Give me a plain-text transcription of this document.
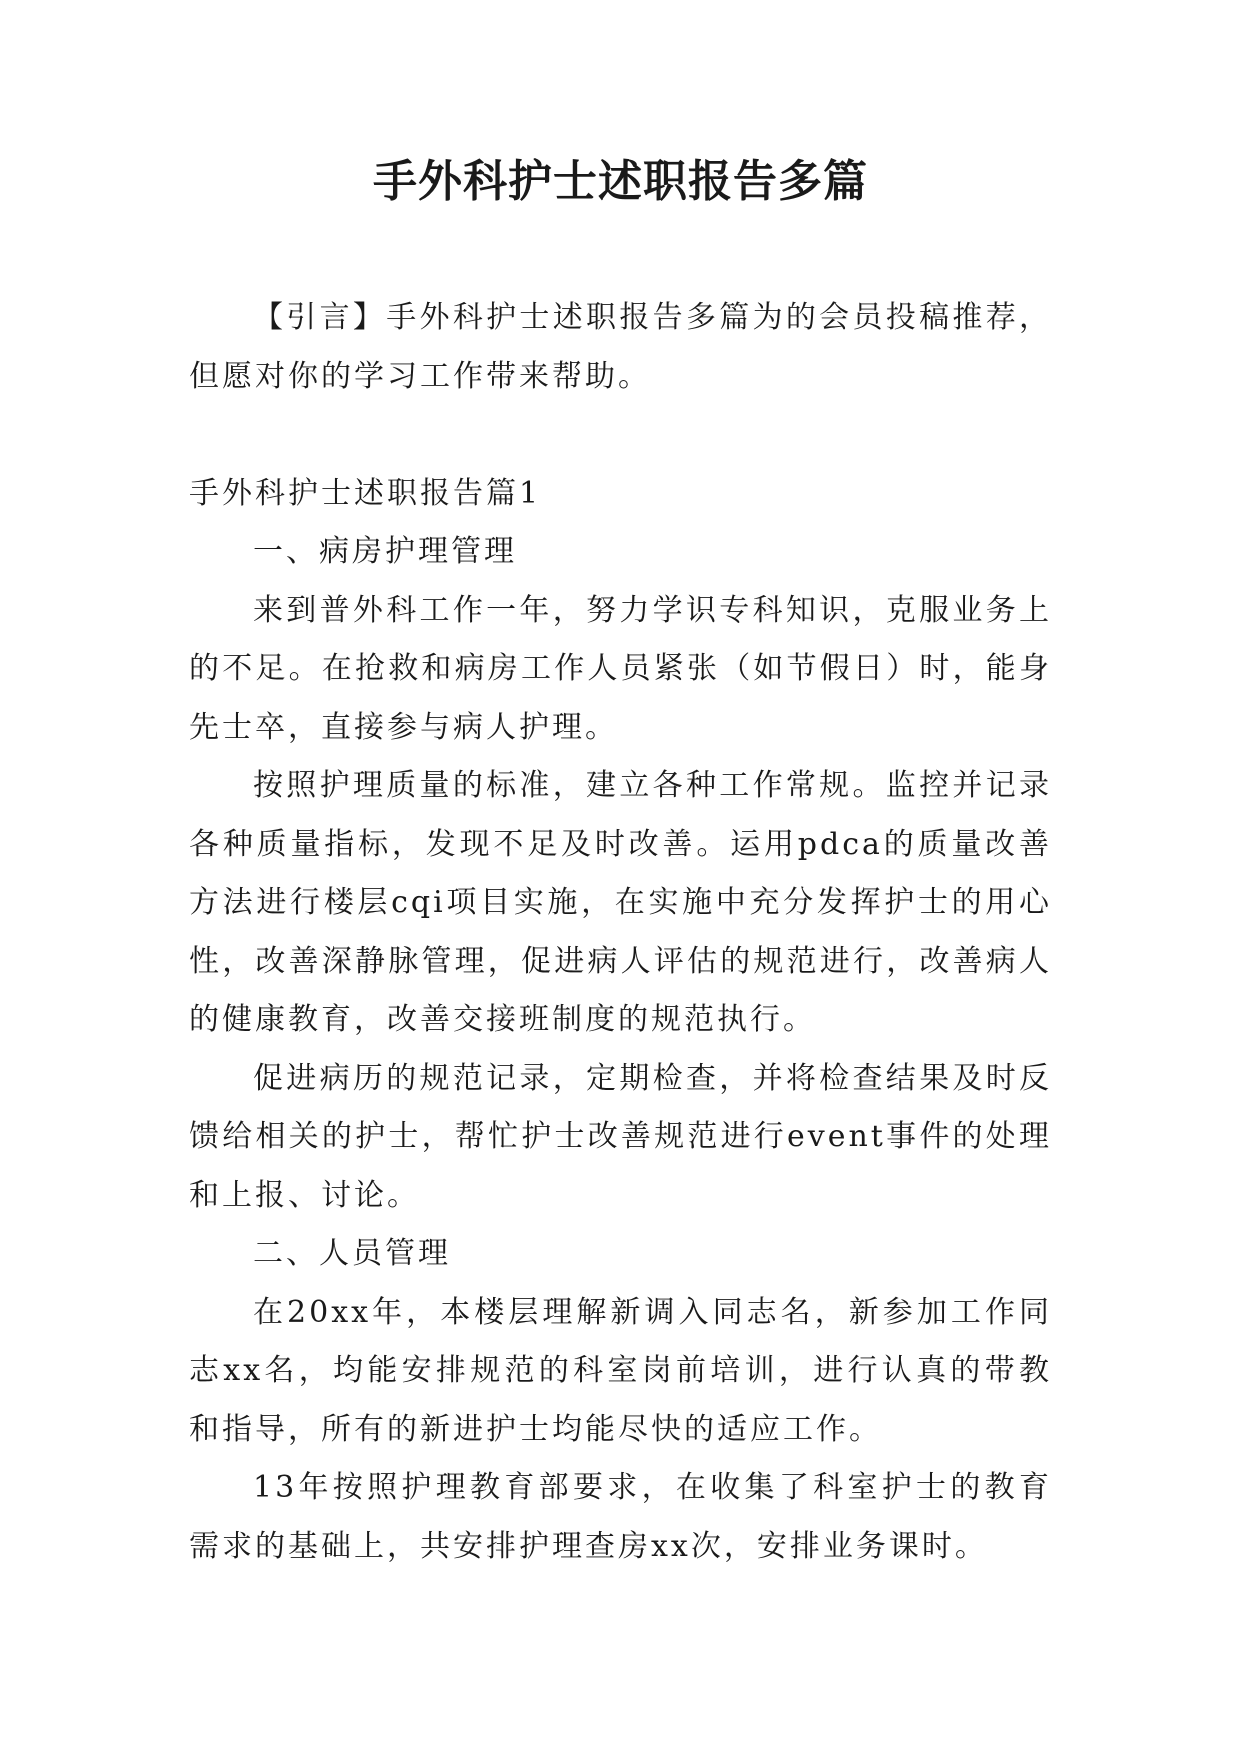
手外科护士述职报告多篇

【引言】手外科护士述职报告多篇为的会员投稿推荐，但愿对你的学习工作带来帮助。

手外科护士述职报告篇1

一、病房护理管理

来到普外科工作一年，努力学识专科知识，克服业务上的不足。在抢救和病房工作人员紧张（如节假日）时，能身先士卒，直接参与病人护理。

按照护理质量的标准，建立各种工作常规。监控并记录各种质量指标，发现不足及时改善。运用pdca的质量改善方法进行楼层cqi项目实施，在实施中充分发挥护士的用心性，改善深静脉管理，促进病人评估的规范进行，改善病人的健康教育，改善交接班制度的规范执行。

促进病历的规范记录，定期检查，并将检查结果及时反馈给相关的护士，帮忙护士改善规范进行event事件的处理和上报、讨论。

二、人员管理

在20xx年，本楼层理解新调入同志名，新参加工作同志xx名，均能安排规范的科室岗前培训，进行认真的带教和指导，所有的新进护士均能尽快的适应工作。

13年按照护理教育部要求，在收集了科室护士的教育需求的基础上，共安排护理查房xx次，安排业务课时。
